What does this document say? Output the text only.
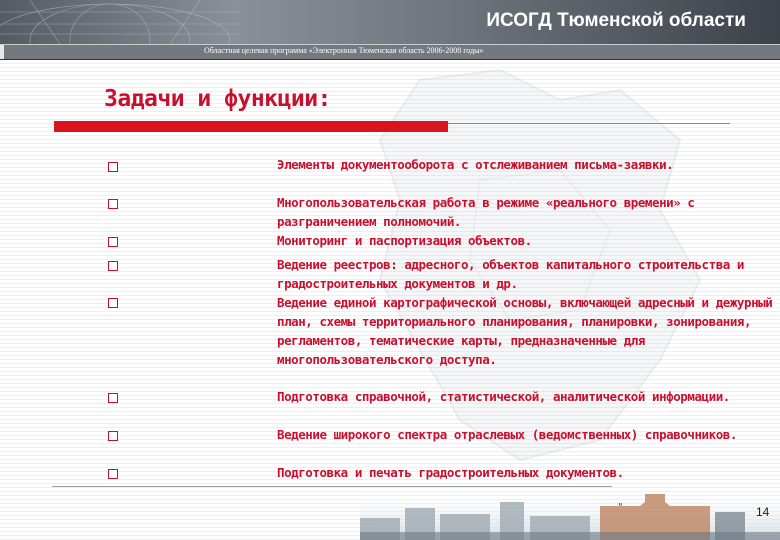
ИСОГД Тюменской области
Областная целевая программа «Электронная Тюменская область 2006-2008 годы»
Задачи и функции:

Элементы документооборота с отслеживанием письма-заявки.

Многопользовательская работа в режиме «реального времени» с разграничением полномочий.

Мониторинг и паспортизация объектов.

Ведение реестров: адресного, объектов капитального строительства и градостроительных документов и др.

Ведение единой картографической основы, включающей адресный и дежурный план, схемы территориального планирования, планировки, зонирования, регламентов, тематические карты, предназначенные для многопользовательского доступа.

Подготовка справочной, статистической, аналитической информации.

Ведение широкого спектра отраслевых (ведомственных) справочников.

Подготовка и печать градостроительных документов.

"	14
